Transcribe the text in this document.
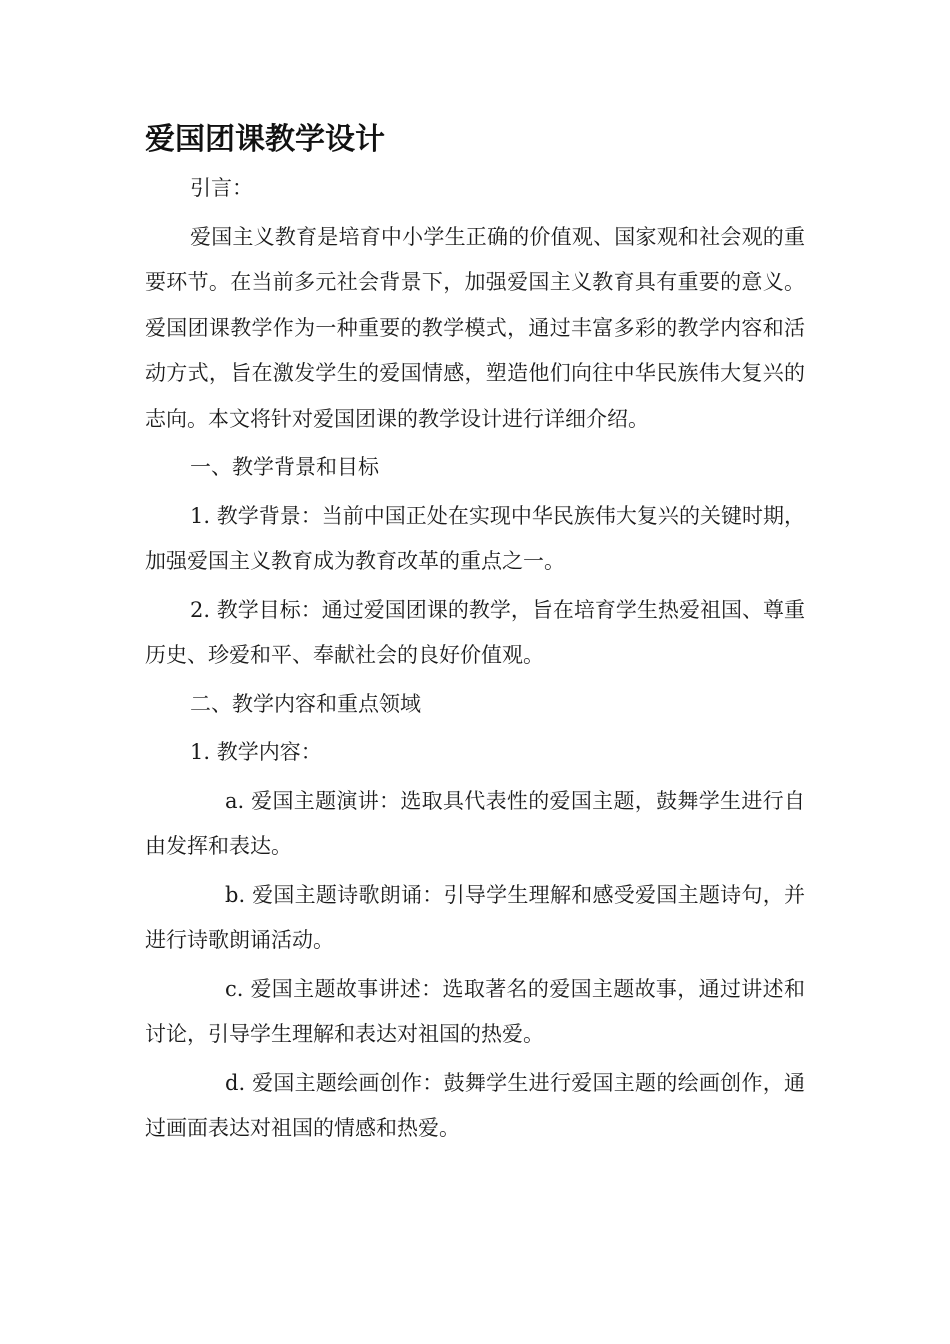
爱国团课教学设计

引言：

爱国主义教育是培育中小学生正确的价值观、国家观和社会观的重要环节。在当前多元社会背景下，加强爱国主义教育具有重要的意义。爱国团课教学作为一种重要的教学模式，通过丰富多彩的教学内容和活动方式，旨在激发学生的爱国情感，塑造他们向往中华民族伟大复兴的志向。本文将针对爱国团课的教学设计进行详细介绍。

一、教学背景和目标

1. 教学背景：当前中国正处在实现中华民族伟大复兴的关键时期，加强爱国主义教育成为教育改革的重点之一。

2. 教学目标：通过爱国团课的教学，旨在培育学生热爱祖国、尊重历史、珍爱和平、奉献社会的良好价值观。

二、教学内容和重点领域

1. 教学内容：

a. 爱国主题演讲：选取具代表性的爱国主题，鼓舞学生进行自由发挥和表达。

b. 爱国主题诗歌朗诵：引导学生理解和感受爱国主题诗句，并进行诗歌朗诵活动。

c. 爱国主题故事讲述：选取著名的爱国主题故事，通过讲述和讨论，引导学生理解和表达对祖国的热爱。

d. 爱国主题绘画创作：鼓舞学生进行爱国主题的绘画创作，通过画面表达对祖国的情感和热爱。
